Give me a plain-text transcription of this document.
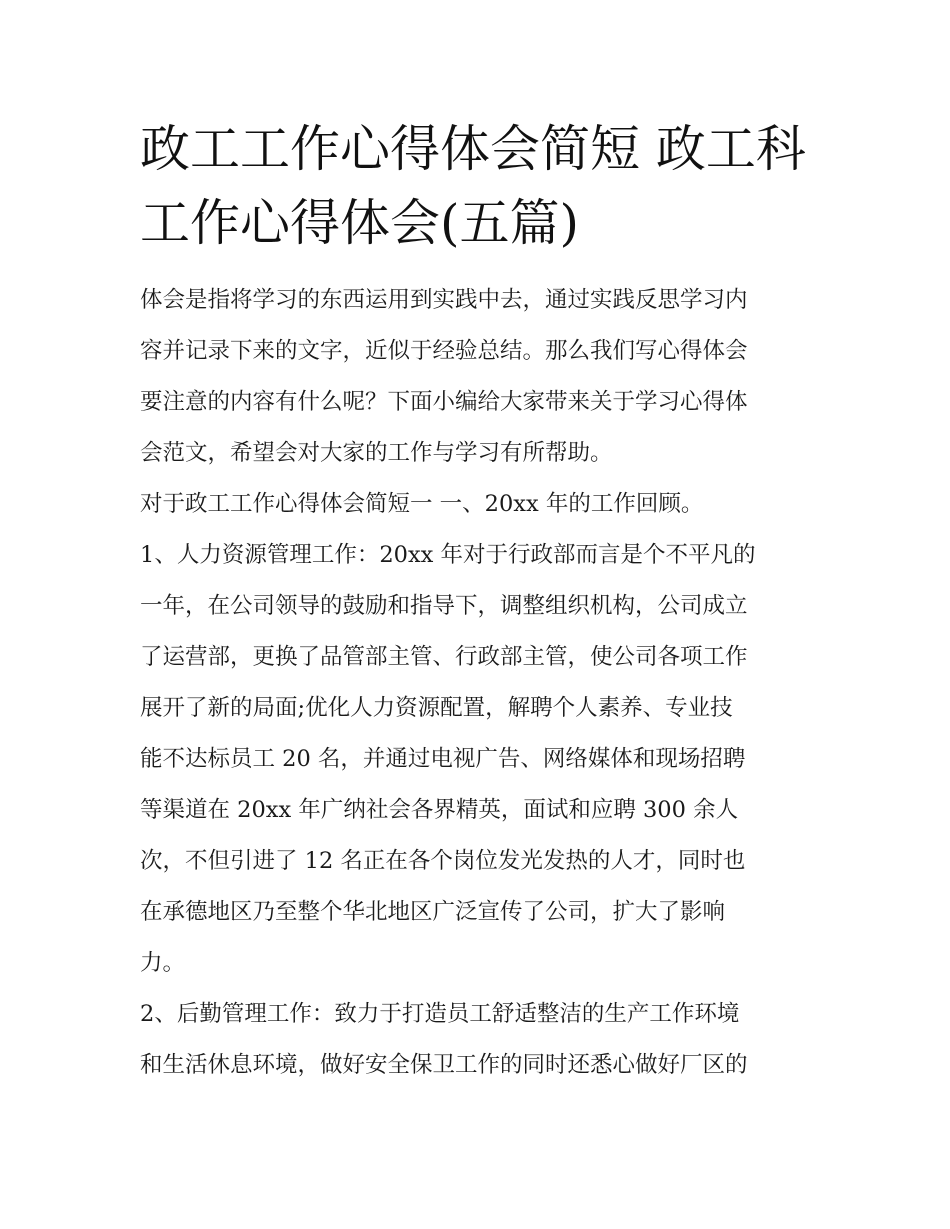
政工工作心得体会简短 政工科
工作心得体会(五篇)
体会是指将学习的东西运用到实践中去，通过实践反思学习内
容并记录下来的文字，近似于经验总结。那么我们写心得体会
要注意的内容有什么呢？下面小编给大家带来关于学习心得体
会范文，希望会对大家的工作与学习有所帮助。
对于政工工作心得体会简短一 一、20xx 年的工作回顾。
1、人力资源管理工作：20xx 年对于行政部而言是个不平凡的
一年，在公司领导的鼓励和指导下，调整组织机构，公司成立
了运营部，更换了品管部主管、行政部主管，使公司各项工作
展开了新的局面;优化人力资源配置，解聘个人素养、专业技
能不达标员工 20 名，并通过电视广告、网络媒体和现场招聘
等渠道在 20xx 年广纳社会各界精英，面试和应聘 300 余人
次，不但引进了 12 名正在各个岗位发光发热的人才，同时也
在承德地区乃至整个华北地区广泛宣传了公司，扩大了影响
力。
2、后勤管理工作：致力于打造员工舒适整洁的生产工作环境
和生活休息环境，做好安全保卫工作的同时还悉心做好厂区的
